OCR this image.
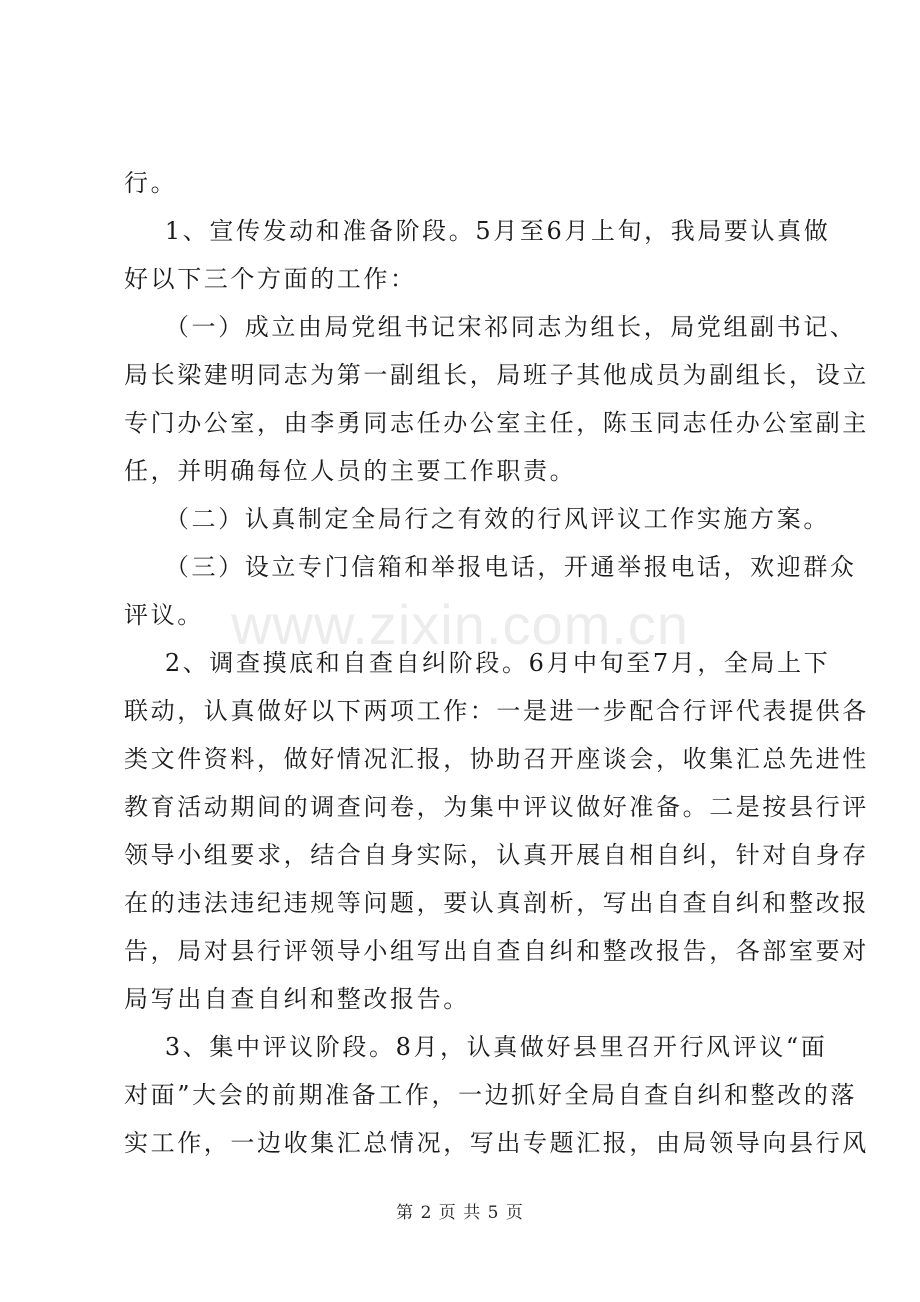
行。
1、宣传发动和准备阶段。5月至6月上旬，我局要认真做
好以下三个方面的工作：
（一）成立由局党组书记宋祁同志为组长，局党组副书记、
局长梁建明同志为第一副组长，局班子其他成员为副组长，设立
专门办公室，由李勇同志任办公室主任，陈玉同志任办公室副主
任，并明确每位人员的主要工作职责。
（二）认真制定全局行之有效的行风评议工作实施方案。
（三）设立专门信箱和举报电话，开通举报电话，欢迎群众
评议。
2、调查摸底和自查自纠阶段。6月中旬至7月，全局上下
联动，认真做好以下两项工作：一是进一步配合行评代表提供各
类文件资料，做好情况汇报，协助召开座谈会，收集汇总先进性
教育活动期间的调查问卷，为集中评议做好准备。二是按县行评
领导小组要求，结合自身实际，认真开展自相自纠，针对自身存
在的违法违纪违规等问题，要认真剖析，写出自查自纠和整改报
告，局对县行评领导小组写出自查自纠和整改报告，各部室要对
局写出自查自纠和整改报告。
3、集中评议阶段。8月，认真做好县里召开行风评议“面
对面”大会的前期准备工作，一边抓好全局自查自纠和整改的落
实工作，一边收集汇总情况，写出专题汇报，由局领导向县行风
www.zixin.com.cn
第 2 页 共 5 页
